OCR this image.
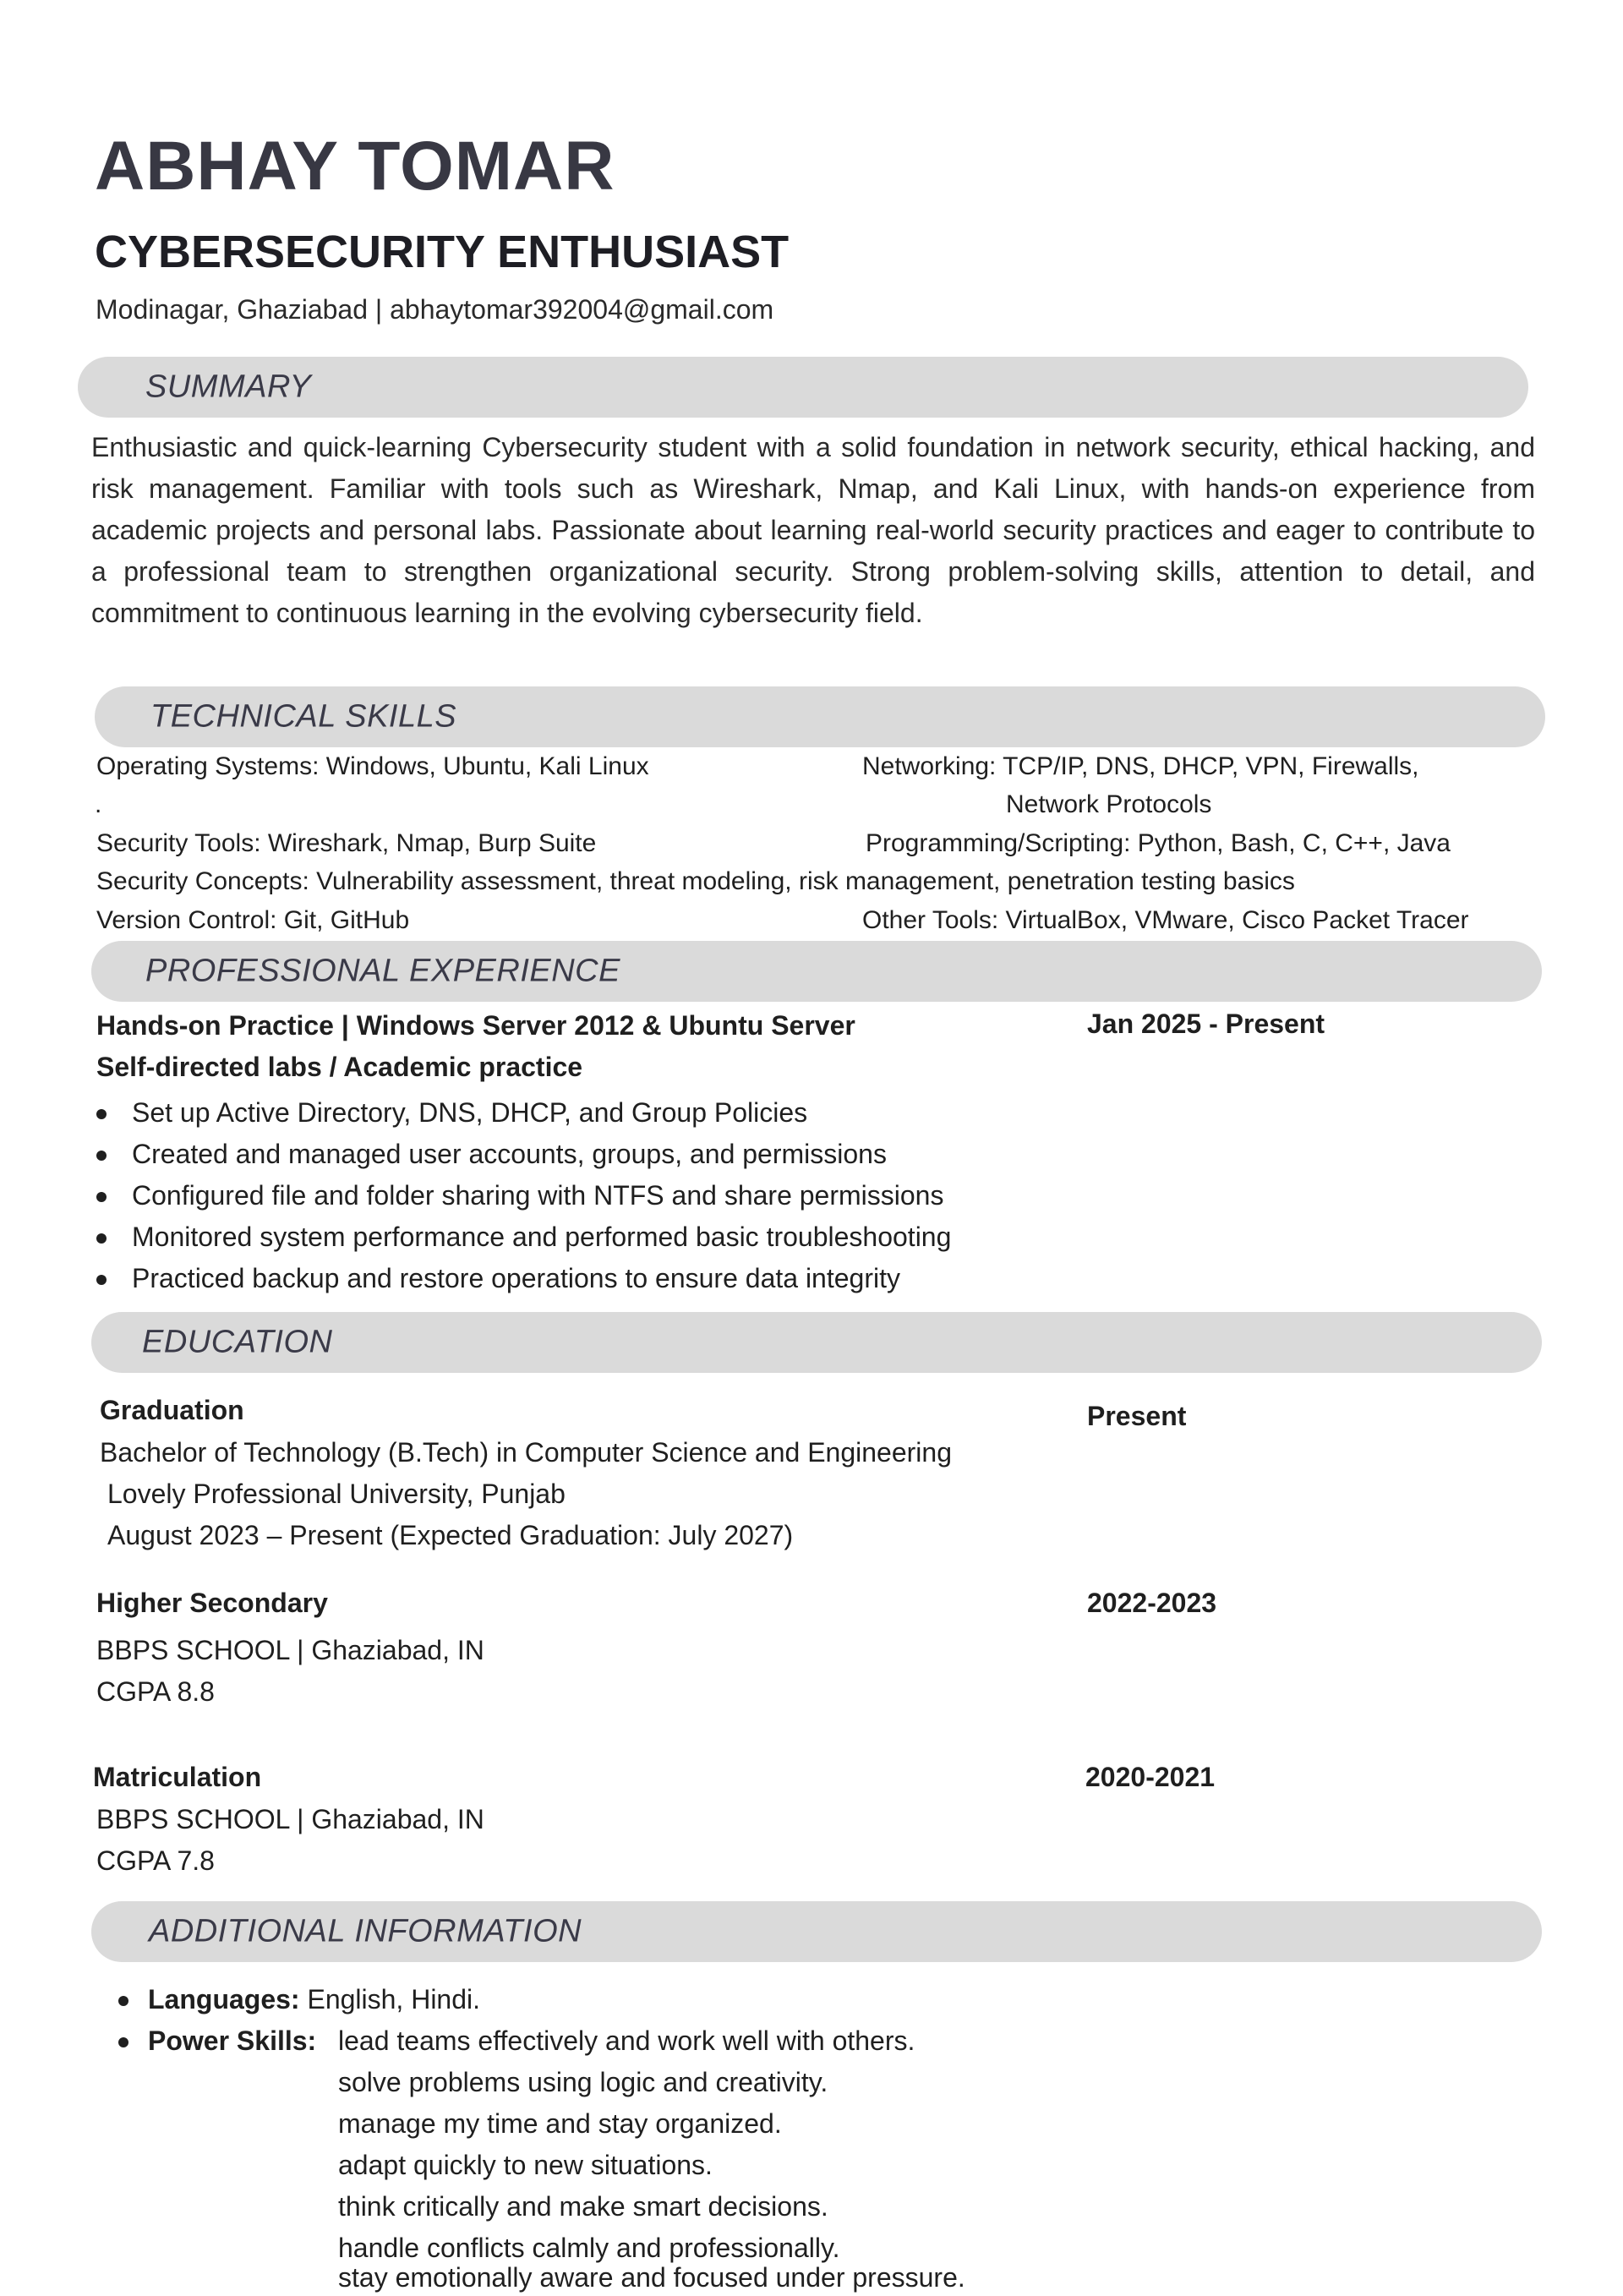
ABHAY TOMAR
CYBERSECURITY ENTHUSIAST
Modinagar, Ghaziabad | abhaytomar392004@gmail.com
SUMMARY
Enthusiastic and quick-learning Cybersecurity student with a solid foundation in network security, ethical hacking, and risk management. Familiar with tools such as Wireshark, Nmap, and Kali Linux, with hands-on experience from academic projects and personal labs. Passionate about learning real-world security practices and eager to contribute to a professional team to strengthen organizational security. Strong problem-solving skills, attention to detail, and commitment to continuous learning in the evolving cybersecurity field.
TECHNICAL SKILLS
Operating Systems: Windows, Ubuntu, Kali Linux	Networking: TCP/IP, DNS, DHCP, VPN, Firewalls,
.	Network Protocols
Security Tools: Wireshark, Nmap, Burp Suite	Programming/Scripting: Python, Bash, C, C++, Java
Security Concepts: Vulnerability assessment, threat modeling, risk management, penetration testing basics
Version Control: Git, GitHub	Other Tools: VirtualBox, VMware, Cisco Packet Tracer
PROFESSIONAL EXPERIENCE
Hands-on Practice | Windows Server 2012 & Ubuntu Server	Jan 2025 - Present
Self-directed labs / Academic practice
Set up Active Directory, DNS, DHCP, and Group Policies
Created and managed user accounts, groups, and permissions
Configured file and folder sharing with NTFS and share permissions
Monitored system performance and performed basic troubleshooting
Practiced backup and restore operations to ensure data integrity
EDUCATION
Graduation	Present
Bachelor of Technology (B.Tech) in Computer Science and Engineering
Lovely Professional University, Punjab
August 2023 – Present (Expected Graduation: July 2027)
Higher Secondary	2022-2023
BBPS SCHOOL | Ghaziabad, IN
CGPA 8.8
Matriculation	2020-2021
BBPS SCHOOL | Ghaziabad, IN
CGPA 7.8
ADDITIONAL INFORMATION
Languages: English, Hindi.
Power Skills: lead teams effectively and work well with others.
solve problems using logic and creativity.
manage my time and stay organized.
adapt quickly to new situations.
think critically and make smart decisions.
handle conflicts calmly and professionally.
stay emotionally aware and focused under pressure.
